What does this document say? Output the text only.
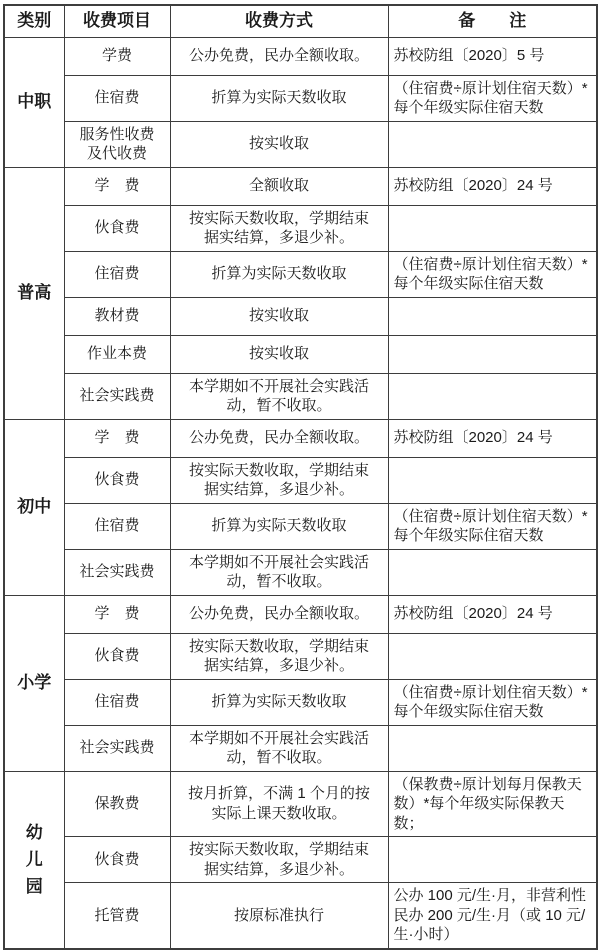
类别	收费项目	收费方式	备　　注
中职	学费	公办免费，民办全额收取。	苏校防组〔2020〕5 号
	住宿费	折算为实际天数收取	（住宿费÷原计划住宿天数）*每个年级实际住宿天数
	服务性收费及代收费	按实收取	
普高	学　费	全额收取	苏校防组〔2020〕24 号
	伙食费	按实际天数收取，学期结束据实结算，多退少补。	
	住宿费	折算为实际天数收取	（住宿费÷原计划住宿天数）*每个年级实际住宿天数
	教材费	按实收取	
	作业本费	按实收取	
	社会实践费	本学期如不开展社会实践活动，暂不收取。	
初中	学　费	公办免费，民办全额收取。	苏校防组〔2020〕24 号
	伙食费	按实际天数收取，学期结束据实结算，多退少补。	
	住宿费	折算为实际天数收取	（住宿费÷原计划住宿天数）*每个年级实际住宿天数
	社会实践费	本学期如不开展社会实践活动，暂不收取。	
小学	学　费	公办免费，民办全额收取。	苏校防组〔2020〕24 号
	伙食费	按实际天数收取，学期结束据实结算，多退少补。	
	住宿费	折算为实际天数收取	（住宿费÷原计划住宿天数）*每个年级实际住宿天数
	社会实践费	本学期如不开展社会实践活动，暂不收取。	
幼儿园	保教费	按月折算，不满 1 个月的按实际上课天数收取。	（保教费÷原计划每月保教天数）*每个年级实际保教天数；
	伙食费	按实际天数收取，学期结束据实结算，多退少补。	
	托管费	按原标准执行	公办 100 元/生·月，非营利性民办 200 元/生·月（或 10 元/生·小时）
